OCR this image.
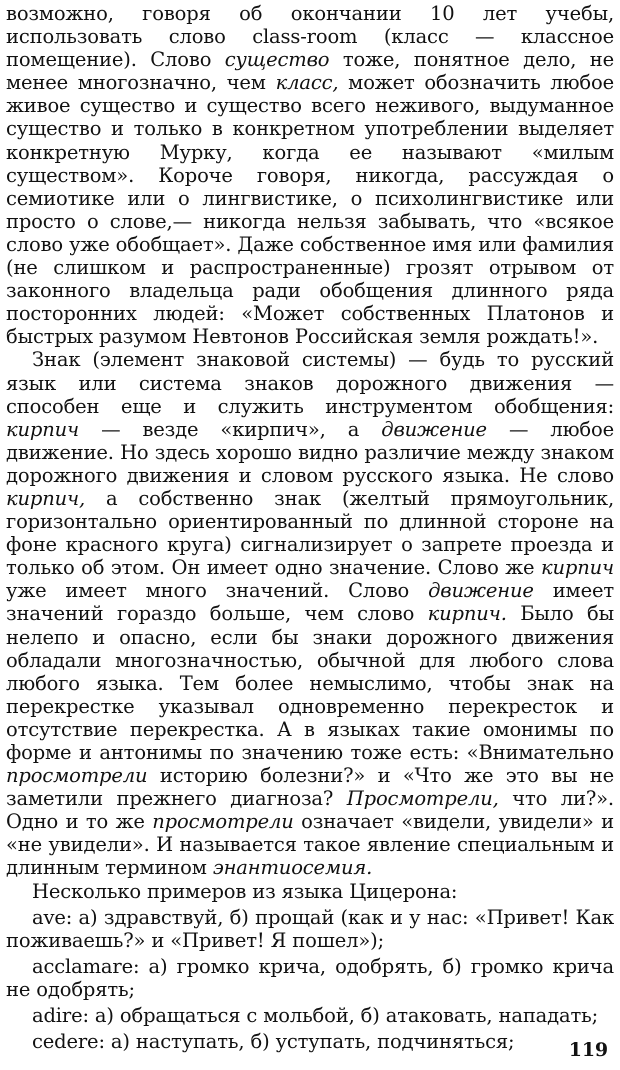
возможно, говоря об окончании 10 лет учебы, использовать слово class-room (класс — классное помещение). Слово существо тоже, понятное дело, не менее многозначно, чем класс, может обозначить любое живое существо и существо всего неживого, выдуманное существо и только в конкретном употреблении выделяет конкретную Мурку, когда ее называют «милым существом». Короче говоря, никогда, рассуждая о семиотике или о лингвистике, о психолингвистике или просто о слове,— никогда нельзя забывать, что «всякое слово уже обобщает». Даже собственное имя или фамилия (не слишком и распространенные) грозят отрывом от законного владельца ради обобщения длинного ряда посторонних людей: «Может собственных Платонов и быстрых разумом Невтонов Российская земля рождать!».

Знак (элемент знаковой системы) — будь то русский язык или система знаков дорожного движения — способен еще и служить инструментом обобщения: кирпич — везде «кирпич», а движение — любое движение. Но здесь хорошо видно различие между знаком дорожного движения и словом русского языка. Не слово кирпич, а собственно знак (желтый прямоугольник, горизонтально ориентированный по длинной стороне на фоне красного круга) сигнализирует о запрете проезда и только об этом. Он имеет одно значение. Слово же кирпич уже имеет много значений. Слово движение имеет значений гораздо больше, чем слово кирпич. Было бы нелепо и опасно, если бы знаки дорожного движения обладали многозначностью, обычной для любого слова любого языка. Тем более немыслимо, чтобы знак на перекрестке указывал одновременно перекресток и отсутствие перекрестка. А в языках такие омонимы по форме и антонимы по значению тоже есть: «Внимательно просмотрели историю болезни?» и «Что же это вы не заметили прежнего диагноза? Просмотрели, что ли?». Одно и то же просмотрели означает «видели, увидели» и «не увидели». И называется такое явление специальным и длинным термином энантиосемия.

Несколько примеров из языка Цицерона:

ave: а) здравствуй, б) прощай (как и у нас: «Привет! Как поживаешь?» и «Привет! Я пошел»);

acclamare: а) громко крича, одобрять, б) громко крича не одобрять;

adire: а) обращаться с мольбой, б) атаковать, нападать;

cedere: а) наступать, б) уступать, подчиняться;	119
